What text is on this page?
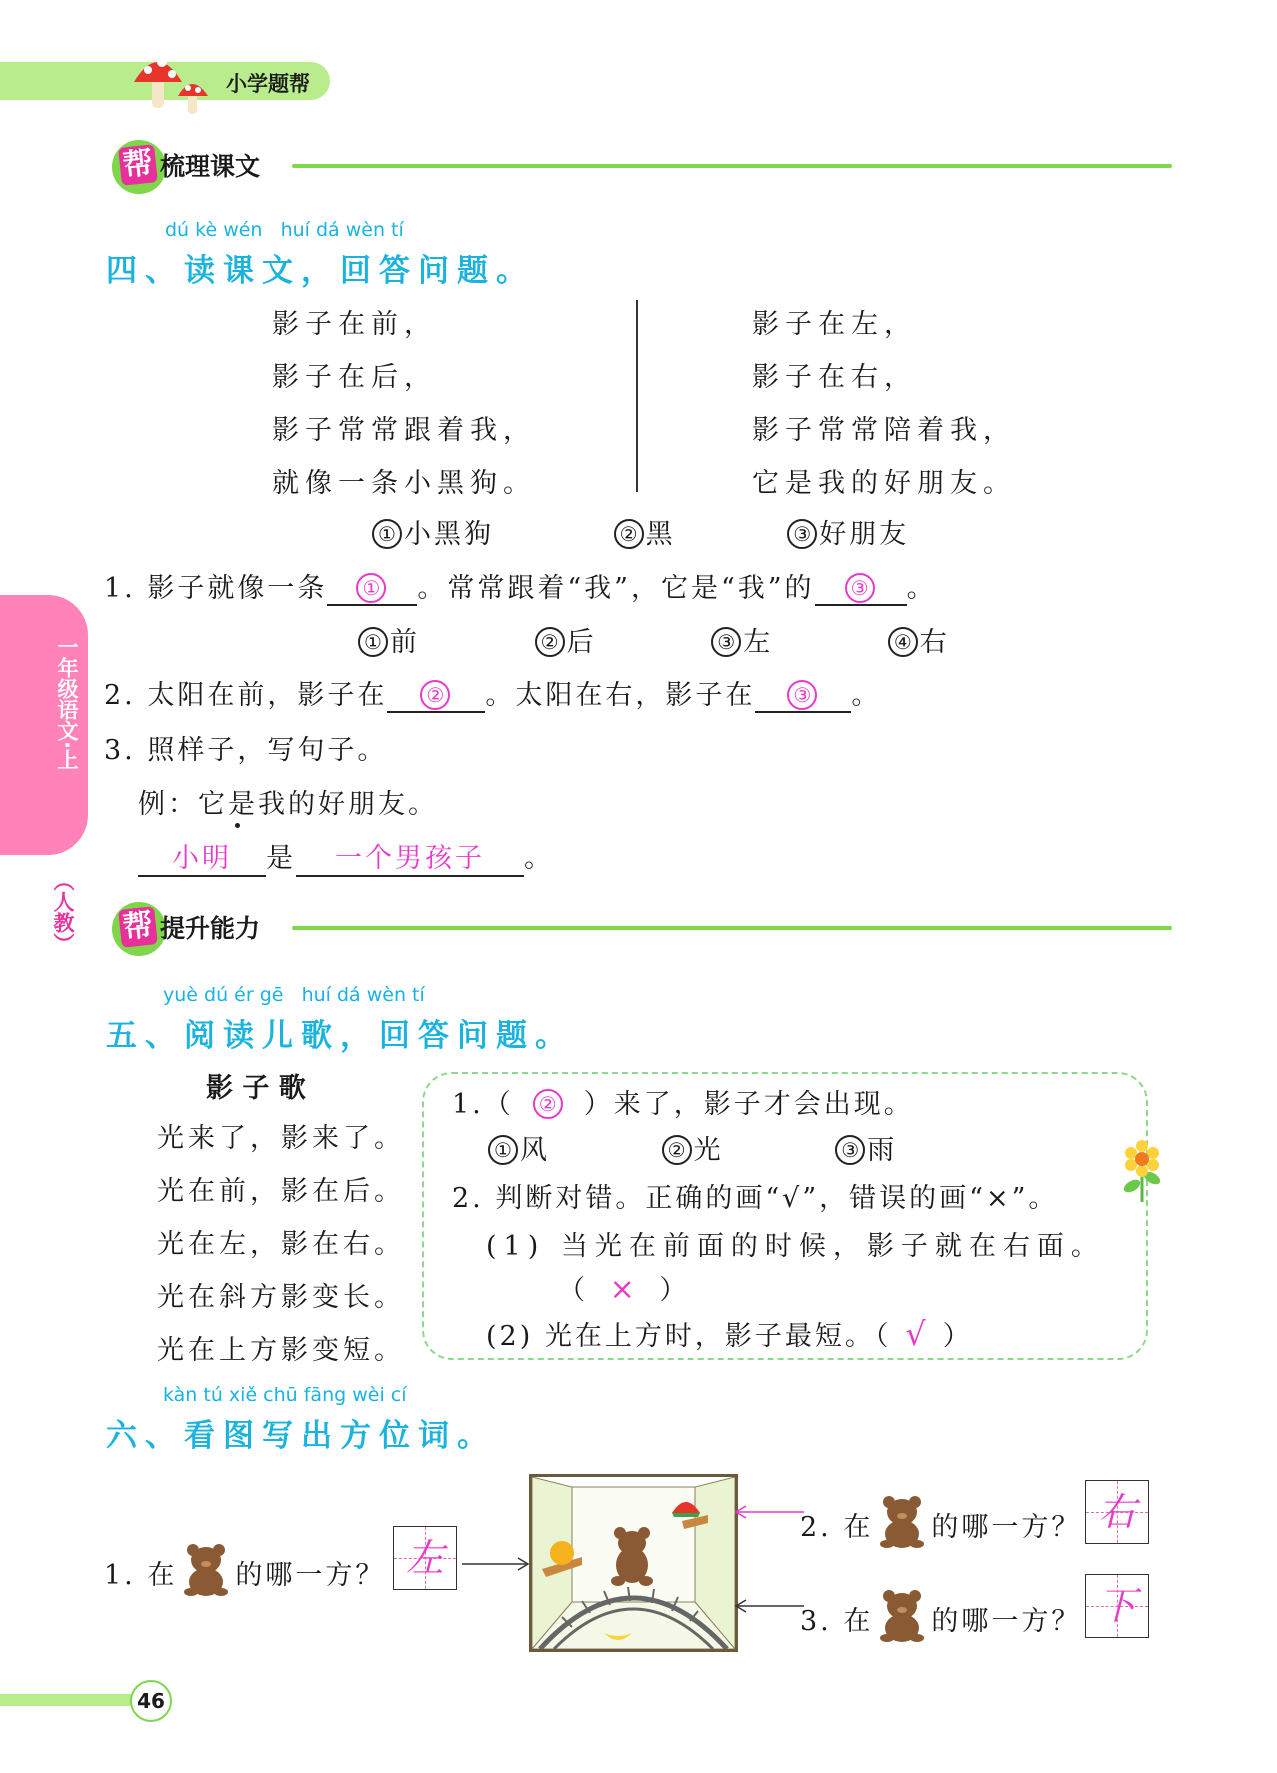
小学题帮
一年级语文·上
（人教）
帮 梳理课文
dú kè wén   huí dá wèn tí
四、读课文，回答问题。
影子在前，
影子在后，
影子常常跟着我，
就像一条小黑狗。
影子在左，
影子在右，
影子常常陪着我，
它是我的好朋友。
① 小黑狗	② 黑	③ 好朋友
1. 影子就像一条 ① 。常常跟着“我”，它是“我”的 ③ 。
① 前	② 后	③ 左	④ 右
2. 太阳在前，影子在 ② 。太阳在右，影子在 ③ 。
3. 照样子，写句子。
例：它是我的好朋友。
小明 是 一个男孩子 。
帮 提升能力
yuè dú ér gē   huí dá wèn tí
五、阅读儿歌，回答问题。
影 子 歌
光来了，影来了。
光在前，影在后。
光在左，影在右。
光在斜方影变长。
光在上方影变短。
1.（ ② ）来了，影子才会出现。
① 风	② 光	③ 雨
2. 判断对错。正确的画“√”，错误的画“×”。
(1) 当光在前面的时候，影子就在右面。
（ × ）
(2) 光在上方时，影子最短。（ √ ）
kàn tú xiě chū fāng wèi cí
六、看图写出方位词。
1. 在 的哪一方？ 左
2. 在 的哪一方？ 右
3. 在 的哪一方？ 下
46
